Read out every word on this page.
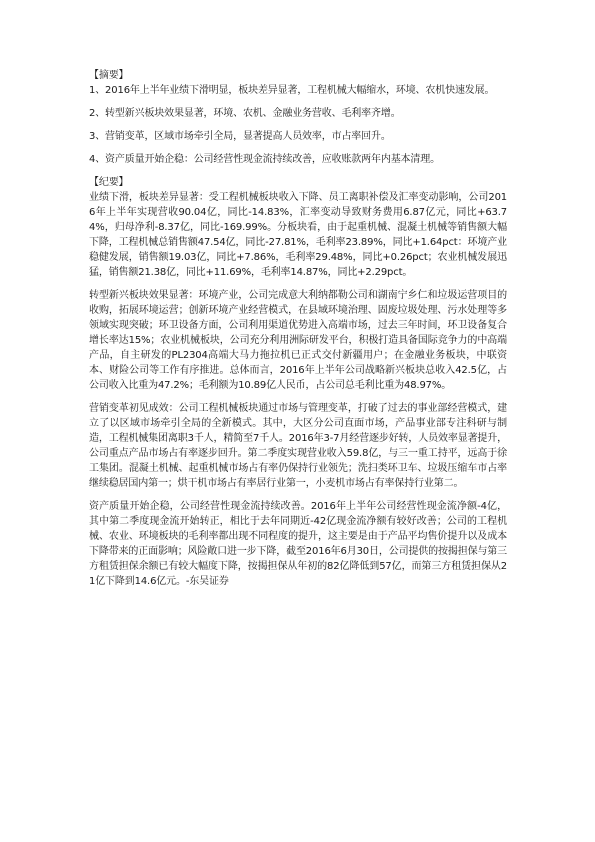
【摘要】

1、2016年上半年业绩下滑明显，板块差异显著，工程机械大幅缩水，环境、农机快速发展。

2、转型新兴板块效果显著，环境、农机、金融业务营收、毛利率齐增。

3、营销变革，区域市场牵引全局，显著提高人员效率，市占率回升。

4、资产质量开始企稳：公司经营性现金流持续改善，应收账款两年内基本清理。

【纪要】

业绩下滑，板块差异显著：受工程机械板块收入下降、员工离职补偿及汇率变动影响，公司2016年上半年实现营收90.04亿，同比-14.83%，汇率变动导致财务费用6.87亿元，同比+63.74%，归母净利-8.37亿，同比-169.99%。分板块看，由于起重机械、混凝土机械等销售额大幅下降，工程机械总销售额47.54亿，同比-27.81%，毛利率23.89%，同比+1.64pct：环境产业稳健发展，销售额19.03亿，同比+7.86%，毛利率29.48%，同比+0.26pct；农业机械发展迅猛，销售额21.38亿，同比+11.69%，毛利率14.87%，同比+2.29pct。

转型新兴板块效果显著：环境产业，公司完成意大利纳都勒公司和湖南宁乡仁和垃圾运营项目的收购，拓展环境运营；创新环境产业经营模式，在县域环境治理、固废垃圾处理、污水处理等多领域实现突破；环卫设备方面，公司利用渠道优势进入高端市场，过去三年时间，环卫设备复合增长率达15%；农业机械板块，公司充分利用洲际研发平台，积极打造具备国际竞争力的中高端产品，自主研发的PL2304高端大马力拖拉机已正式交付新疆用户；在金融业务板块，中联资本、财险公司等工作有序推进。总体而言，2016年上半年公司战略新兴板块总收入42.5亿，占公司收入比重为47.2%；毛利额为10.89亿人民币，占公司总毛利比重为48.97%。

营销变革初见成效：公司工程机械板块通过市场与管理变革，打破了过去的事业部经营模式，建立了以区域市场牵引全局的全新模式。其中，大区分公司直面市场，产品事业部专注科研与制造，工程机械集团离职3千人，精简至7千人。2016年3-7月经营逐步好转，人员效率显著提升，公司重点产品市场占有率逐步回升。第二季度实现营业收入59.8亿，与三一重工持平，远高于徐工集团。混凝土机械、起重机械市场占有率仍保持行业领先；洗扫类环卫车、垃圾压缩车市占率继续稳居国内第一；烘干机市场占有率居行业第一，小麦机市场占有率保持行业第二。

资产质量开始企稳，公司经营性现金流持续改善。2016年上半年公司经营性现金流净额-4亿，其中第二季度现金流开始转正，相比于去年同期近-42亿现金流净额有较好改善；公司的工程机械、农业、环境板块的毛利率都出现不同程度的提升，这主要是由于产品平均售价提升以及成本下降带来的正面影响；风险敞口进一步下降，截至2016年6月30日，公司提供的按揭担保与第三方租赁担保余额已有较大幅度下降，按揭担保从年初的82亿降低到57亿，而第三方租赁担保从21亿下降到14.6亿元。-东吴证券
